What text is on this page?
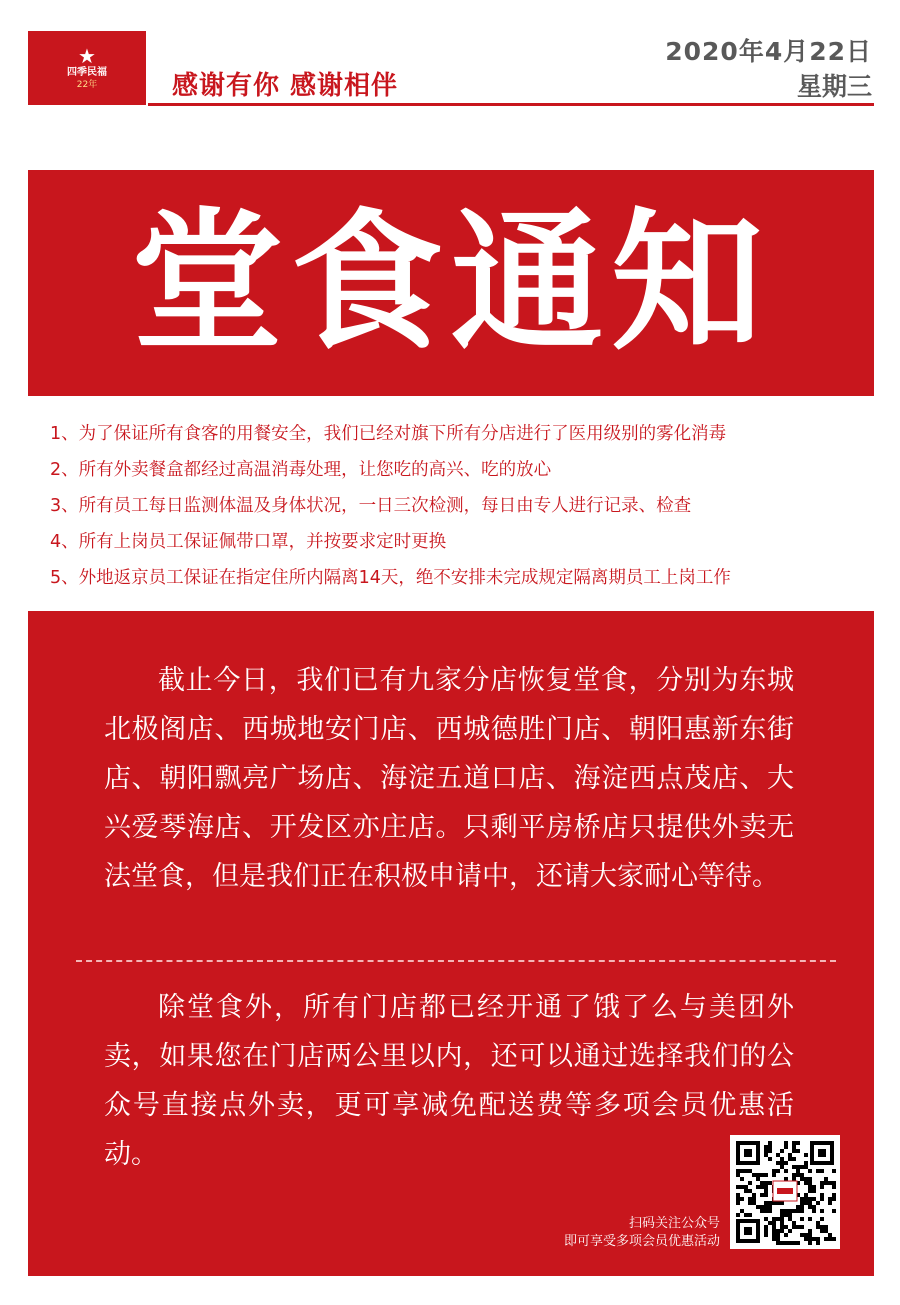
★
四季民福
22年	感谢有你 感谢相伴
2020年4月22日
星期三
堂食通知
1、为了保证所有食客的用餐安全，我们已经对旗下所有分店进行了医用级别的雾化消毒
2、所有外卖餐盒都经过高温消毒处理，让您吃的高兴、吃的放心
3、所有员工每日监测体温及身体状况，一日三次检测，每日由专人进行记录、检查
4、所有上岗员工保证佩带口罩，并按要求定时更换
5、外地返京员工保证在指定住所内隔离14天，绝不安排未完成规定隔离期员工上岗工作

截止今日，我们已有九家分店恢复堂食，分别为东城北极阁店、西城地安门店、西城德胜门店、朝阳惠新东街店、朝阳飘亮广场店、海淀五道口店、海淀西点茂店、大兴爱琴海店、开发区亦庄店。只剩平房桥店只提供外卖无法堂食，但是我们正在积极申请中，还请大家耐心等待。

除堂食外，所有门店都已经开通了饿了么与美团外卖，如果您在门店两公里以内，还可以通过选择我们的公众号直接点外卖，更可享减免配送费等多项会员优惠活动。

扫码关注公众号
即可享受多项会员优惠活动
